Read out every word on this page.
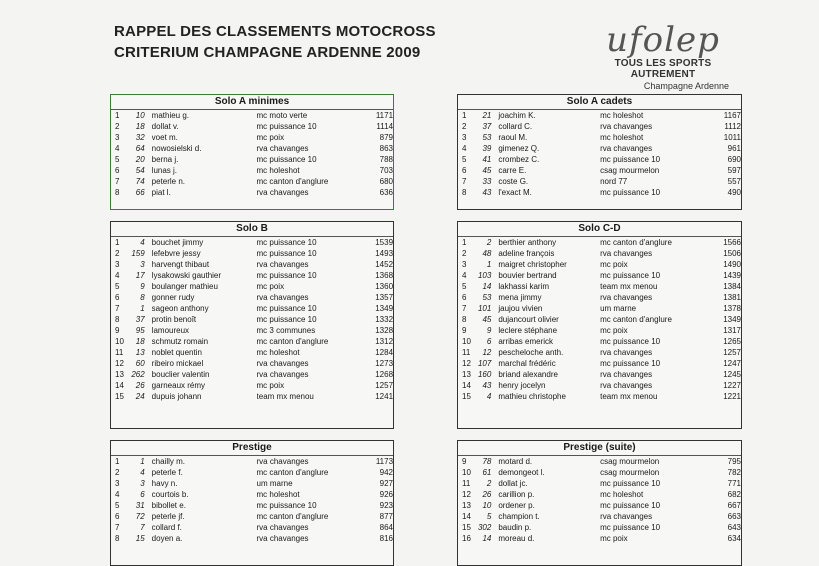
RAPPEL DES CLASSEMENTS MOTOCROSS
CRITERIUM CHAMPAGNE ARDENNE 2009	ufolep
TOUS LES SPORTS AUTREMENT
Champagne Ardenne
Solo A minimes
1	10 mathieu g.	mc moto verte	1171
2	18 dollat v.	mc puissance 10	1114
3	32 voet m.	mc poix	879
4	64 nowosielski d.	rva chavanges	863
5	20 berna j.	mc puissance 10	788
6	54 lunas j.	mc holeshot	703
7	74 peterle n.	mc canton d'anglure	680
8	66 piat l.	rva chavanges	636
Solo A cadets
1	21 joachim K.	mc holeshot	1167
2	37 collard C.	rva chavanges	1112
3	53 raoul M.	mc holeshot	1011
4	39 gimenez Q.	rva chavanges	961
5	41 crombez C.	mc puissance 10	690
6	45 carre E.	csag mourmelon	597
7	33 coste G.	nord 77	557
8	43 l'exact M.	mc puissance 10	490
Solo B
1	4 bouchet jimmy	mc puissance 10	1539
2	159 lefebvre jessy	mc puissance 10	1493
3	3 harvengt thibaut	rva chavanges	1452
4	17 lysakowski gauthier	mc puissance 10	1368
5	9 boulanger mathieu	mc poix	1360
6	8 gonner rudy	rva chavanges	1357
7	1 sageon anthony	mc puissance 10	1349
8	37 protin benoît	mc puissance 10	1332
9	95 lamoureux	mc 3 communes	1328
10	18 schmutz romain	mc canton d'anglure	1312
11	13 noblet quentin	mc holeshot	1284
12	60 ribeiro mickael	rva chavanges	1273
13 262 bouclier valentin	rva chavanges	1268
14	26 garneaux rémy	mc poix	1257
15	24 dupuis johann	team mx menou	1241
Solo C-D
1	2 berthier anthony	mc canton d'anglure	1566
2	48 adeline françois	rva chavanges	1506
3	1 maigret christopher	mc poix	1490
4	103 bouvier bertrand	mc puissance 10	1439
5	14 lakhassi karim	team mx menou	1384
6	53 mena jimmy	rva chavanges	1381
7	101 jaujou vivien	um marne	1378
8	45 dujancourt olivier	mc canton d'anglure	1349
9	9 leclere stéphane	mc poix	1317
10	6 arribas emerick	mc puissance 10	1265
11	12 pescheloche anth.	rva chavanges	1257
12 107 marchal frédéric	mc puissance 10	1247
13 160 briand alexandre	rva chavanges	1245
14	43 henry jocelyn	rva chavanges	1227
15	4 mathieu christophe	team mx menou	1221
Prestige
1	1 chailly m.	rva chavanges	1173
2	4 peterle f.	mc canton d'anglure	942
3	3 havy n.	um marne	927
4	6 courtois b.	mc holeshot	926
5	31 bibollet e.	mc puissance 10	923
6	72 peterle jf.	mc canton d'anglure	877
7	7 collard f.	rva chavanges	864
8	15 doyen a.	rva chavanges	816
Prestige (suite)
9	78 motard d.	csag mourmelon	795
10	61 demongeot l.	csag mourmelon	782
11	2 dollat jc.	mc puissance 10	771
12	26 carillion p.	mc holeshot	682
13	10 ordener p.	mc puissance 10	667
14	5 champion t.	rva chavanges	663
15 302 baudin p.	mc puissance 10	643
16	14 moreau d.	mc poix	634
